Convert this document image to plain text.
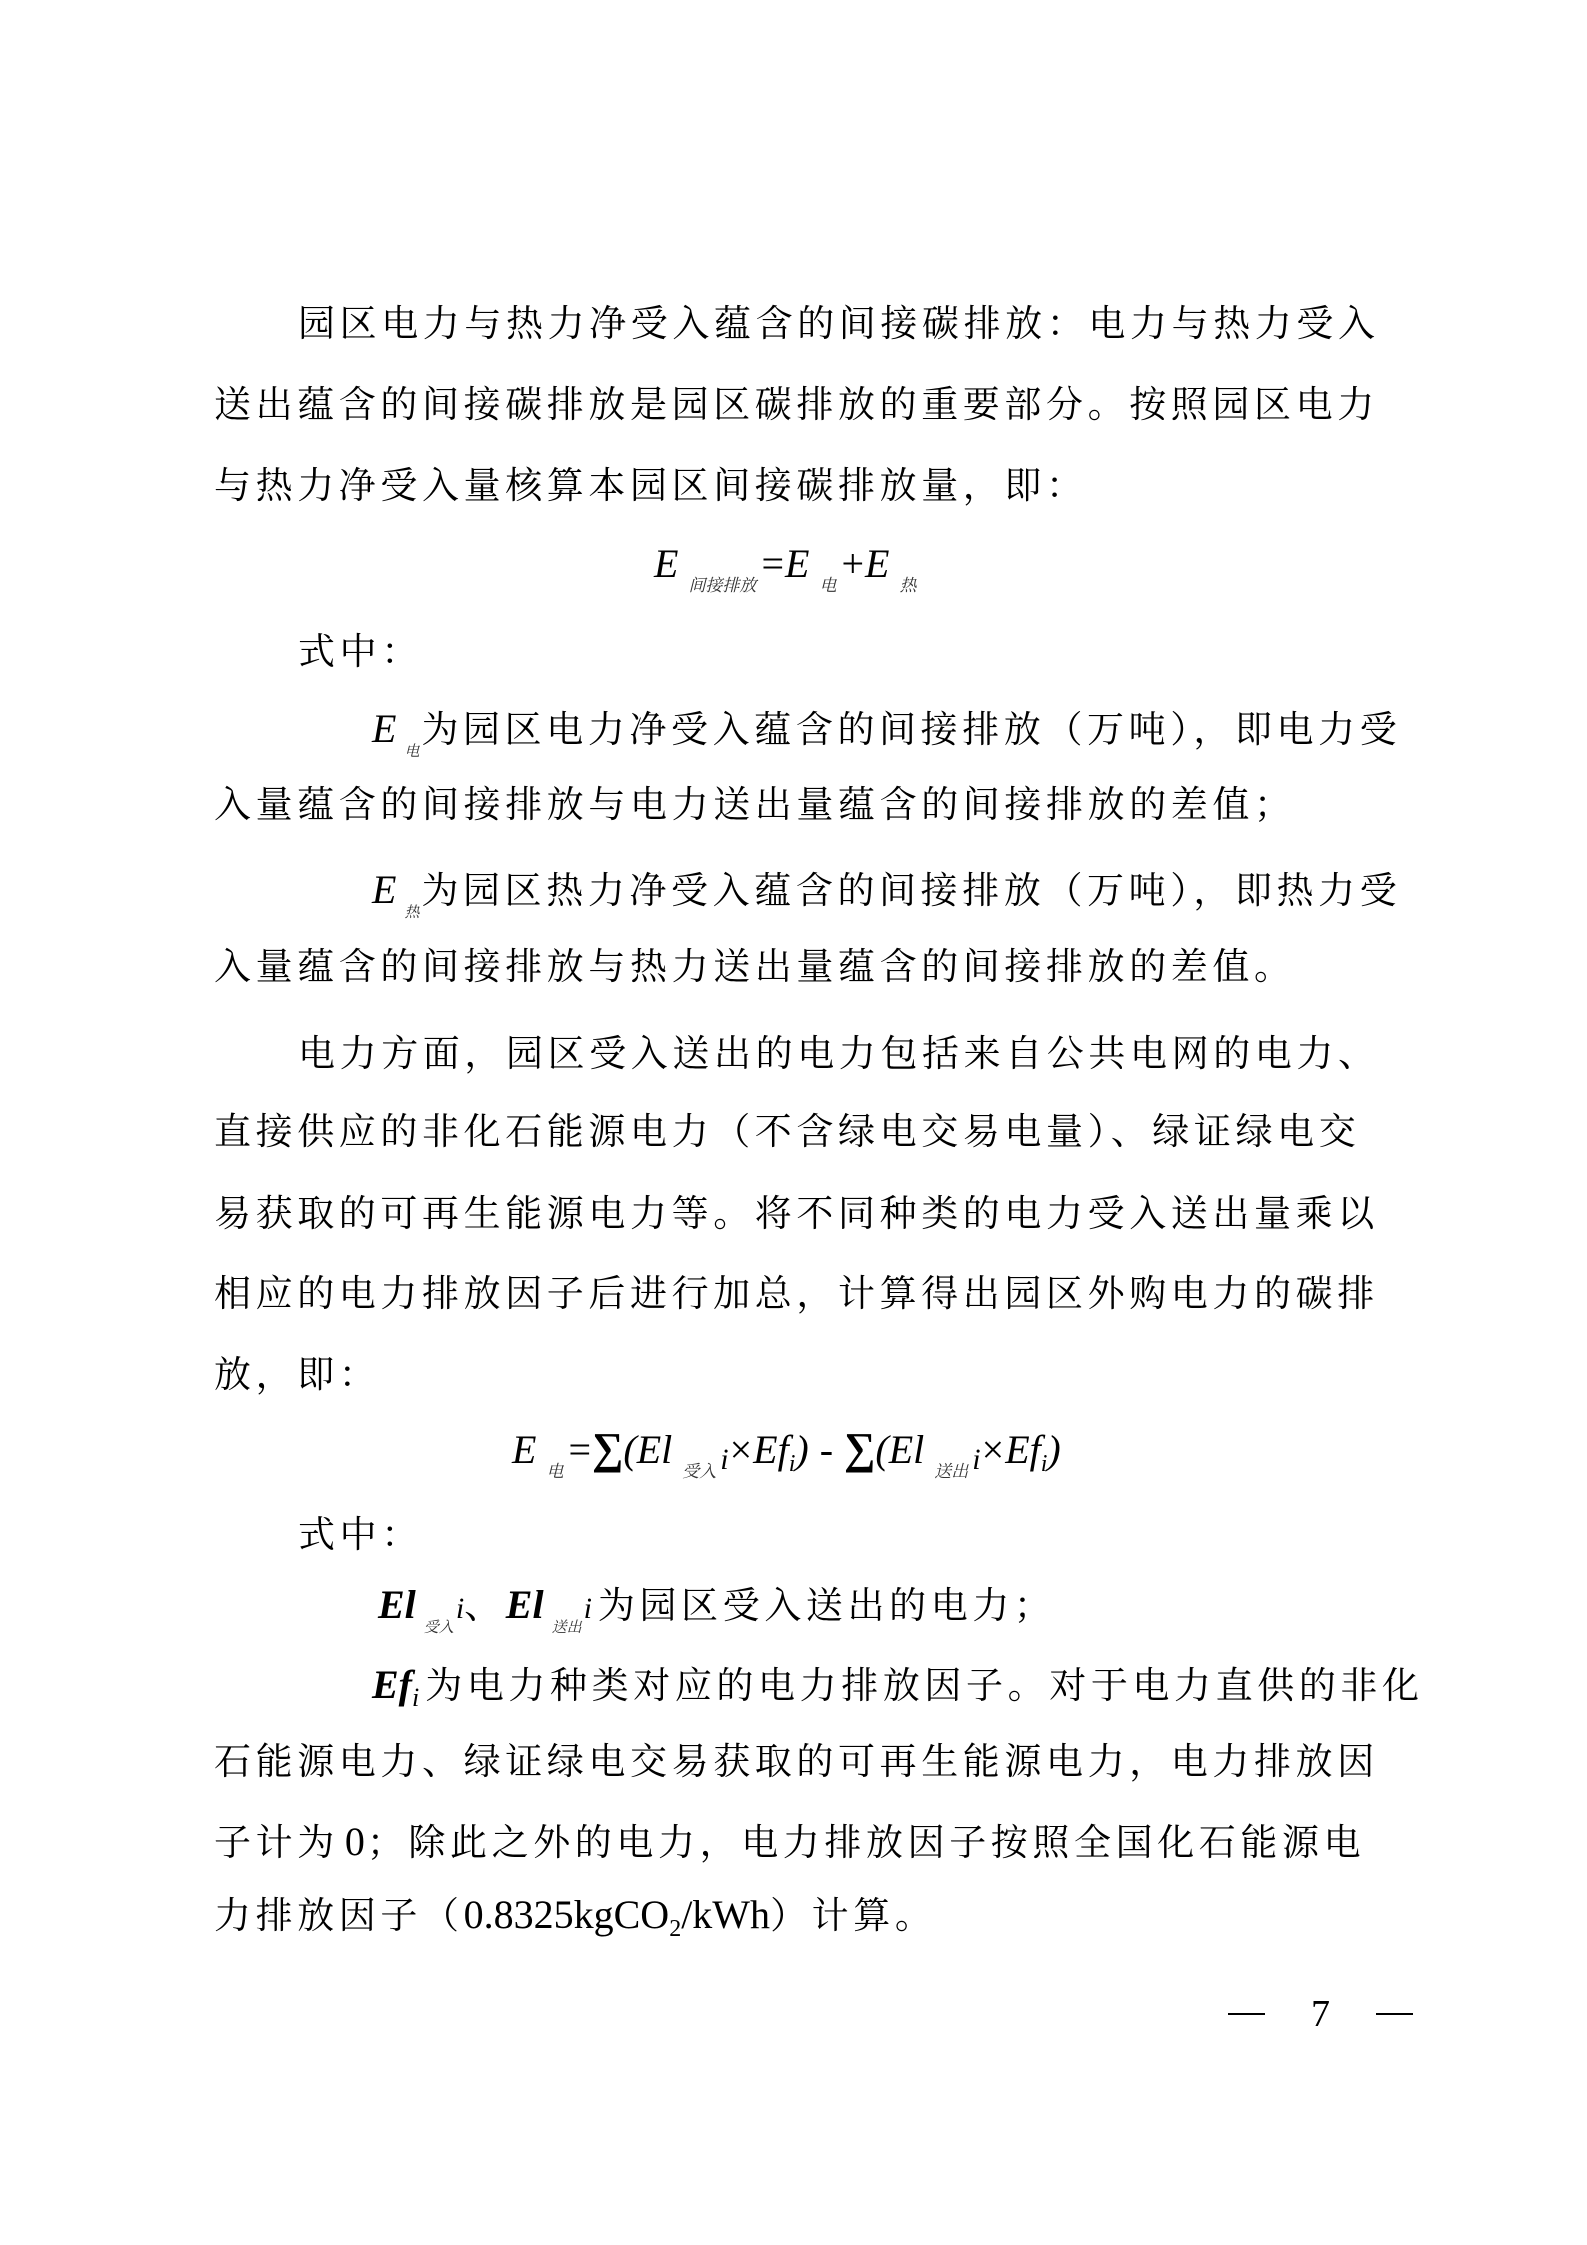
园区电力与热力净受入蕴含的间接碳排放：电力与热力受入
送出蕴含的间接碳排放是园区碳排放的重要部分。按照园区电力
与热力净受入量核算本园区间接碳排放量，即：
E $_{间接排放}$ =E $_电$ +E $_热$
式中：
E $_电$为园区电力净受入蕴含的间接排放（万吨），即电力受
入量蕴含的间接排放与电力送出量蕴含的间接排放的差值；
E $_热$为园区热力净受入蕴含的间接排放（万吨），即热力受
入量蕴含的间接排放与热力送出量蕴含的间接排放的差值。
电力方面，园区受入送出的电力包括来自公共电网的电力、
直接供应的非化石能源电力（不含绿电交易电量）、绿证绿电交
易获取的可再生能源电力等。将不同种类的电力受入送出量乘以
相应的电力排放因子后进行加总，计算得出园区外购电力的碳排
放，即：
E $_电$ =∑(El $_{受入}$ $i\times Ef_i) - \sum(El$ $_{送出}$ $i\times Ef_i$)
式中：
El $_{受入}$i、El $_{送出}$i 为园区受入送出的电力；
$Ef_i$ 为电力种类对应的电力排放因子。对于电力直供的非化
石能源电力、绿证绿电交易获取的可再生能源电力，电力排放因
子计为 0；除此之外的电力，电力排放因子按照全国化石能源电
力排放因子（0.8325kgCO$_2$/kWh）计算。
7
